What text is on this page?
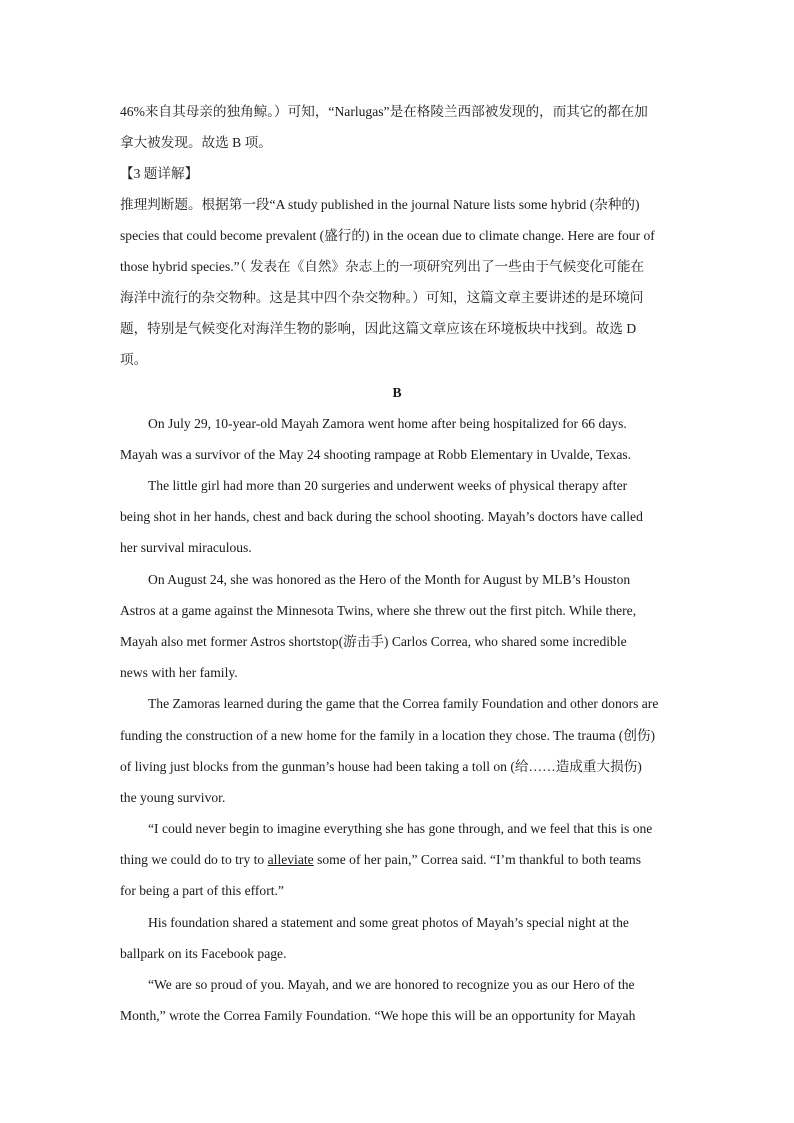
46%来自其母亲的独角鲸。）可知，“Narlugas”是在格陵兰西部被发现的，而其它的都在加
拿大被发现。故选 B 项。
【3 题详解】
推理判断题。根据第一段“A study published in the journal Nature lists some hybrid (杂种的)
species that could become prevalent (盛行的) in the ocean due to climate change. Here are four of
those hybrid species.”（ 发表在《自然》杂志上的一项研究列出了一些由于气候变化可能在
海洋中流行的杂交物种。这是其中四个杂交物种。）可知，这篇文章主要讲述的是环境问
题，特别是气候变化对海洋生物的影响，因此这篇文章应该在环境板块中找到。故选 D
项。
B
On July 29, 10-year-old Mayah Zamora went home after being hospitalized for 66 days.
Mayah was a survivor of the May 24 shooting rampage at Robb Elementary in Uvalde, Texas.
The little girl had more than 20 surgeries and underwent weeks of physical therapy after
being shot in her hands, chest and back during the school shooting. Mayah’s doctors have called
her survival miraculous.
On August 24, she was honored as the Hero of the Month for August by MLB’s Houston
Astros at a game against the Minnesota Twins, where she threw out the first pitch. While there,
Mayah also met former Astros shortstop(游击手) Carlos Correa, who shared some incredible
news with her family.
The Zamoras learned during the game that the Correa family Foundation and other donors are
funding the construction of a new home for the family in a location they chose. The trauma (创伤)
of living just blocks from the gunman’s house had been taking a toll on (给……造成重大损伤)
the young survivor.
“I could never begin to imagine everything she has gone through, and we feel that this is one
thing we could do to try to alleviate some of her pain,” Correa said. “I’m thankful to both teams
for being a part of this effort.”
His foundation shared a statement and some great photos of Mayah’s special night at the
ballpark on its Facebook page.
“We are so proud of you. Mayah, and we are honored to recognize you as our Hero of the
Month,” wrote the Correa Family Foundation. “We hope this will be an opportunity for Mayah
